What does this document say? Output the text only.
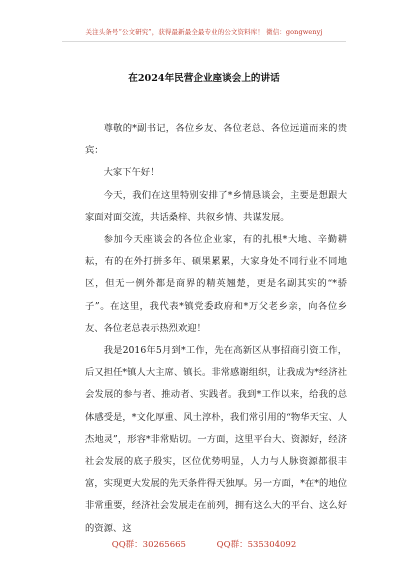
关注头条号“公文研究”，获得最新最全最专业的公文资料库！ 微信：gongwenyj
在2024年民营企业座谈会上的讲话

尊敬的*副书记，各位乡友、各位老总、各位远道而来的贵宾：

大家下午好！

今天，我们在这里特别安排了*乡情恳谈会，主要是想跟大家面对面交流，共话桑梓、共叙乡情、共谋发展。

参加今天座谈会的各位企业家，有的扎根*大地、辛勤耕耘，有的在外打拼多年、硕果累累，大家身处不同行业不同地区，但无一例外都是商界的精英翘楚，更是名副其实的“*骄子”。在这里，我代表*镇党委政府和*万父老乡亲，向各位乡友、各位老总表示热烈欢迎！

我是2016年5月到*工作，先在高新区从事招商引资工作，后又担任*镇人大主席、镇长。非常感谢组织，让我成为*经济社会发展的参与者、推动者、实践者。我到*工作以来，给我的总体感受是，*文化厚重、风土淳朴，我们常引用的“物华天宝、人杰地灵”，形容*非常贴切。一方面，这里平台大、资源好，经济社会发展的底子殷实，区位优势明显，人力与人脉资源都很丰富，实现更大发展的先天条件得天独厚。另一方面，*在*的地位非常重要，经济社会发展走在前列，拥有这么大的平台、这么好的资源、这

QQ群：30265665	QQ群：535304092
